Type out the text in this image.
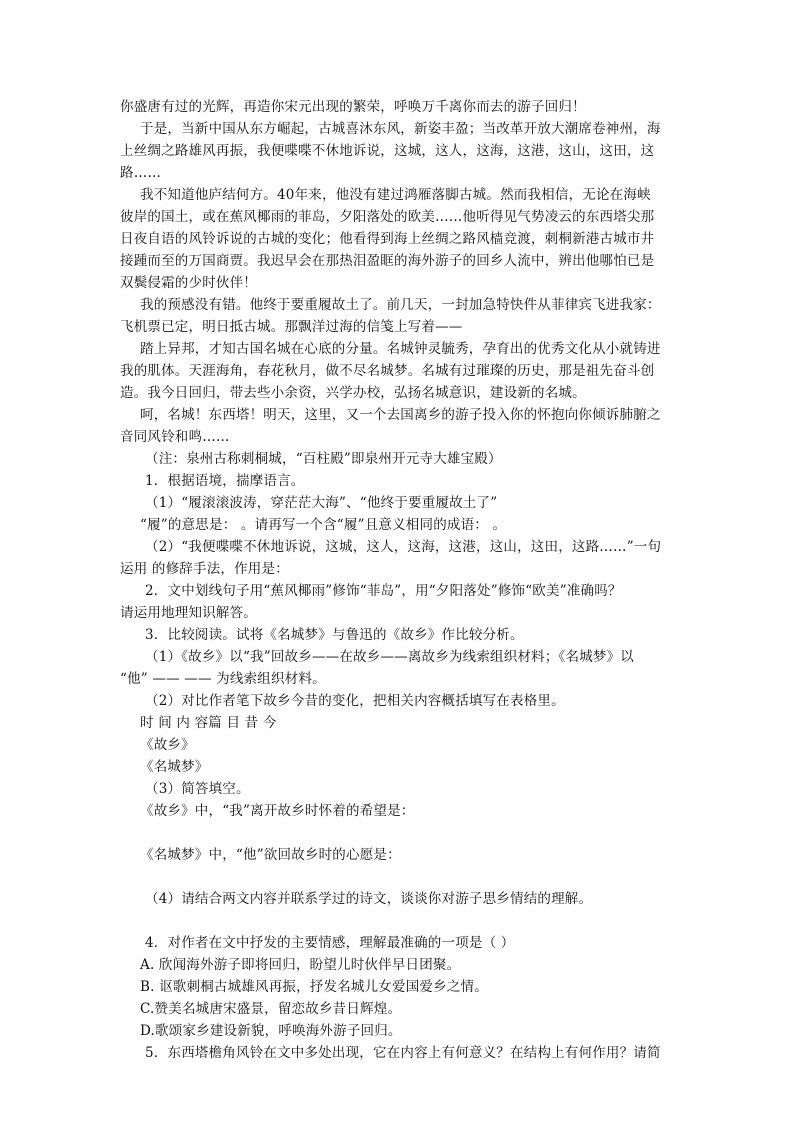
你盛唐有过的光辉，再造你宋元出现的繁荣，呼唤万千离你而去的游子回归！
于是，当新中国从东方崛起，古城喜沐东风，新姿丰盈；当改革开放大潮席卷神州，海
上丝绸之路雄风再振，我便喋喋不休地诉说，这城，这人，这海，这港，这山，这田，这
路……
我不知道他庐结何方。40年来，他没有建过鸿雁落脚古城。然而我相信，无论在海峡
彼岸的国土，或在蕉风椰雨的菲岛，夕阳落处的欧美……他听得见气势凌云的东西塔尖那
日夜自语的风铃诉说的古城的变化；他看得到海上丝绸之路风樯竞渡，刺桐新港古城市井
接踵而至的万国商贾。我迟早会在那热泪盈眶的海外游子的回乡人流中，辨出他哪怕已是
双鬓侵霜的少时伙伴！
我的预感没有错。他终于要重履故土了。前几天，一封加急特快件从菲律宾飞进我家：
飞机票已定，明日抵古城。那飘洋过海的信笺上写着——
踏上异邦，才知古国名城在心底的分量。名城钟灵毓秀，孕育出的优秀文化从小就铸进
我的肌体。天涯海角，春花秋月，做不尽名城梦。名城有过璀璨的历史，那是祖先奋斗创
造。我今日回归，带去些小余资，兴学办校，弘扬名城意识，建设新的名城。
呵，名城！东西塔！明天，这里，又一个去国离乡的游子投入你的怀抱向你倾诉肺腑之
音同风铃和鸣……
（注：泉州古称刺桐城，“百柱殿”即泉州开元寺大雄宝殿）
1．根据语境，揣摩语言。
（1）“履滚滚波涛，穿茫茫大海”、“他终于要重履故土了”
“履”的意思是： 。请再写一个含“履”且意义相同的成语： 。
（2）“我便喋喋不休地诉说，这城，这人，这海，这港，这山，这田，这路……”一句
运用 的修辞手法，作用是：
2．文中划线句子用“蕉风椰雨”修饰“菲岛”，用“夕阳落处”修饰“欧美”准确吗？
请运用地理知识解答。
3．比较阅读。试将《名城梦》与鲁迅的《故乡》作比较分析。
（1）《故乡》以“我”回故乡——在故乡——离故乡为线索组织材料；《名城梦》以
“他” —— —— 为线索组织材料。
（2）对比作者笔下故乡今昔的变化，把相关内容概括填写在表格里。
时 间 内 容篇 目 昔 今
《故乡》
《名城梦》
（3）简答填空。
《故乡》中，“我”离开故乡时怀着的希望是：
《名城梦》中，“他”欲回故乡时的心愿是：
（4）请结合两文内容并联系学过的诗文，谈谈你对游子思乡情结的理解。
4．对作者在文中抒发的主要情感，理解最准确的一项是（ ）
A. 欣闻海外游子即将回归，盼望儿时伙伴早日团聚。
B. 讴歌刺桐古城雄风再振，抒发名城儿女爱国爱乡之情。
C.赞美名城唐宋盛景，留恋故乡昔日辉煌。
D.歌颂家乡建设新貌，呼唤海外游子回归。
5．东西塔檐角风铃在文中多处出现，它在内容上有何意义？在结构上有何作用？请简
